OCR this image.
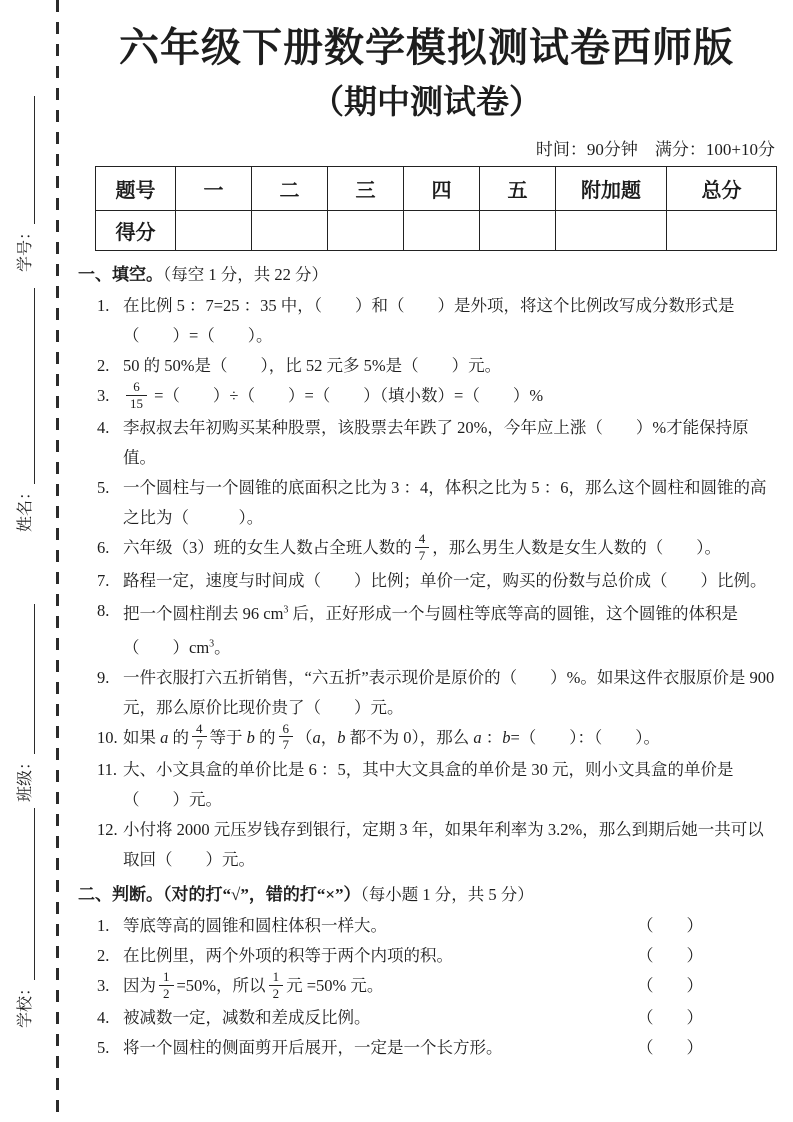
学号：
姓名：
班级：
学校：
六年级下册数学模拟测试卷西师版
（期中测试卷）
时间：90分钟　满分：100+10分
题号	一	二	三	四	五	附加题	总分
得分							
一、填空。（每空 1 分，共 22 分）
1. 在比例 5 ：7=25 ：35 中，（　　）和（　　）是外项，将这个比例改写成分数形式是（　　）=（　　）。
2. 50 的 50%是（　　），比 52 元多 5%是（　　）元。
3. $\frac{6}{15}$ =（　　）÷（　　）=（　　）（填小数）=（　　）%
4. 李叔叔去年初购买某种股票，该股票去年跌了 20%，今年应上涨（　　）%才能保持原值。
5. 一个圆柱与一个圆锥的底面积之比为 3 ：4，体积之比为 5 ：6，那么这个圆柱和圆锥的高之比为（　　　）。
6. 六年级（3）班的女生人数占全班人数的 $\frac{4}{7}$ ，那么男生人数是女生人数的（　　）。
7. 路程一定，速度与时间成（　　）比例；单价一定，购买的份数与总价成（　　）比例。
8. 把一个圆柱削去 96 $cm^3$ 后，正好形成一个与圆柱等底等高的圆锥，这个圆锥的体积是（　　）$cm^3$。
9. 一件衣服打六五折销售，“六五折”表示现价是原价的（　　）%。如果这件衣服原价是 900 元，那么原价比现价贵了（　　）元。
10. 如果 a 的 $\frac{4}{7}$ 等于 b 的 $\frac{6}{7} (a$，b 都不为 0），那么 a ：b=（　　）：（　　）。
11. 大、小文具盒的单价比是 6 ：5，其中大文具盒的单价是 30 元，则小文具盒的单价是（　　）元。
12. 小付将 2000 元压岁钱存到银行，定期 3 年，如果年利率为 3.2%，那么到期后她一共可以取回（　　）元。
二、判断。（对的打“√”，错的打“×”）（每小题 1 分，共 5 分）
1. 等底等高的圆锥和圆柱体积一样大。	（　　）
2. 在比例里，两个外项的积等于两个内项的积。	（　　）
3. 因为 $\frac{1}{2} =50\%$，所以 $\frac{1}{2}$ 元 =50% 元。	（　　）
4. 被减数一定，减数和差成反比例。	（　　）
5. 将一个圆柱的侧面剪开后展开，一定是一个长方形。	（　　）
